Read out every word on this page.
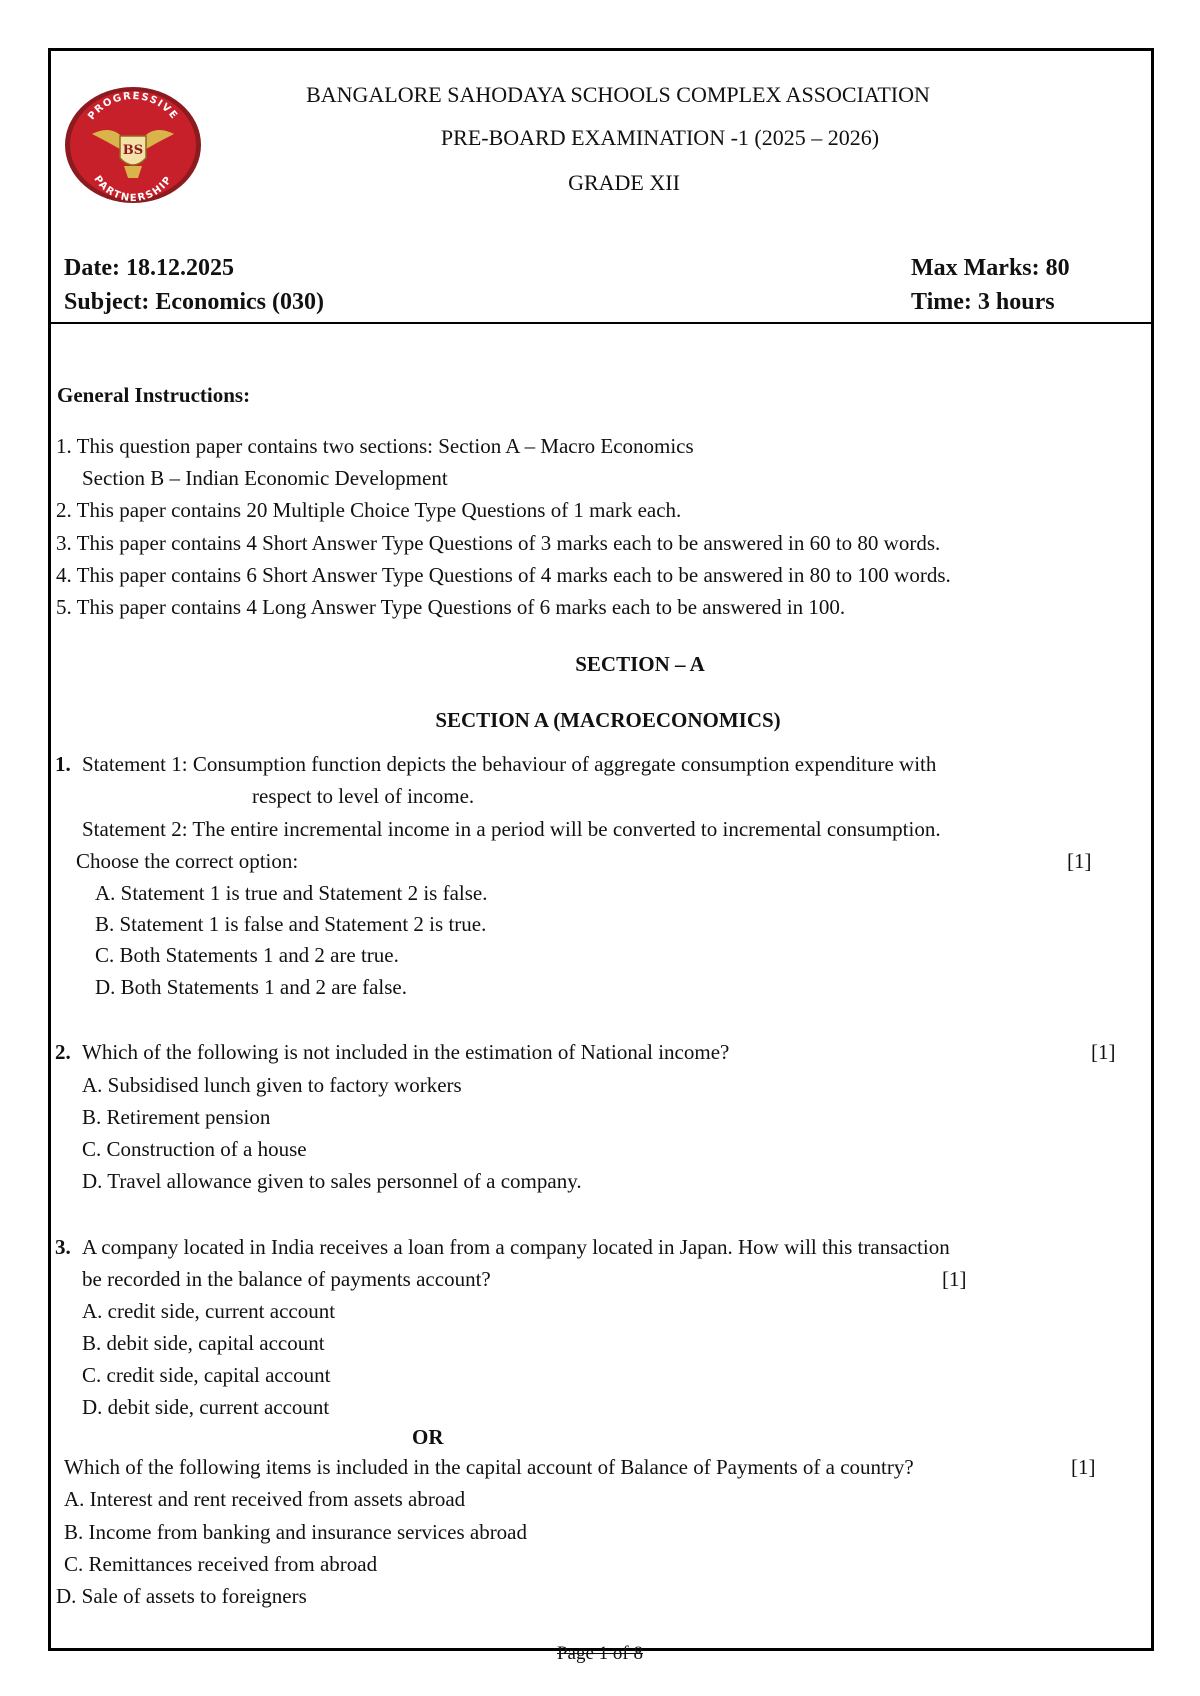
PROGRESSIVE
PARTNERSHIP
BS
BANGALORE SAHODAYA SCHOOLS COMPLEX ASSOCIATION
PRE-BOARD EXAMINATION -1 (2025 – 2026)
GRADE XII
Date: 18.12.2025
Subject: Economics (030)
Max Marks: 80
Time: 3 hours
General Instructions:
1. This question paper contains two sections: Section A – Macro Economics
Section B – Indian Economic Development
2. This paper contains 20 Multiple Choice Type Questions of 1 mark each.
3. This paper contains 4 Short Answer Type Questions of 3 marks each to be answered in 60 to 80 words.
4. This paper contains 6 Short Answer Type Questions of 4 marks each to be answered in 80 to 100 words.
5. This paper contains 4 Long Answer Type Questions of 6 marks each to be answered in 100.
SECTION – A
SECTION A (MACROECONOMICS)
1. Statement 1: Consumption function depicts the behaviour of aggregate consumption expenditure with
respect to level of income.
Statement 2: The entire incremental income in a period will be converted to incremental consumption.
Choose the correct option:	[1]
A. Statement 1 is true and Statement 2 is false.
B. Statement 1 is false and Statement 2 is true.
C. Both Statements 1 and 2 are true.
D. Both Statements 1 and 2 are false.
2. Which of the following is not included in the estimation of National income?	[1]
A. Subsidised lunch given to factory workers
B. Retirement pension
C. Construction of a house
D. Travel allowance given to sales personnel of a company.
3. A company located in India receives a loan from a company located in Japan. How will this transaction
be recorded in the balance of payments account?	[1]
A. credit side, current account
B. debit side, capital account
C. credit side, capital account
D. debit side, current account
OR
Which of the following items is included in the capital account of Balance of Payments of a country?	[1]
A. Interest and rent received from assets abroad
B. Income from banking and insurance services abroad
C. Remittances received from abroad
D. Sale of assets to foreigners
Page 1 of 8
